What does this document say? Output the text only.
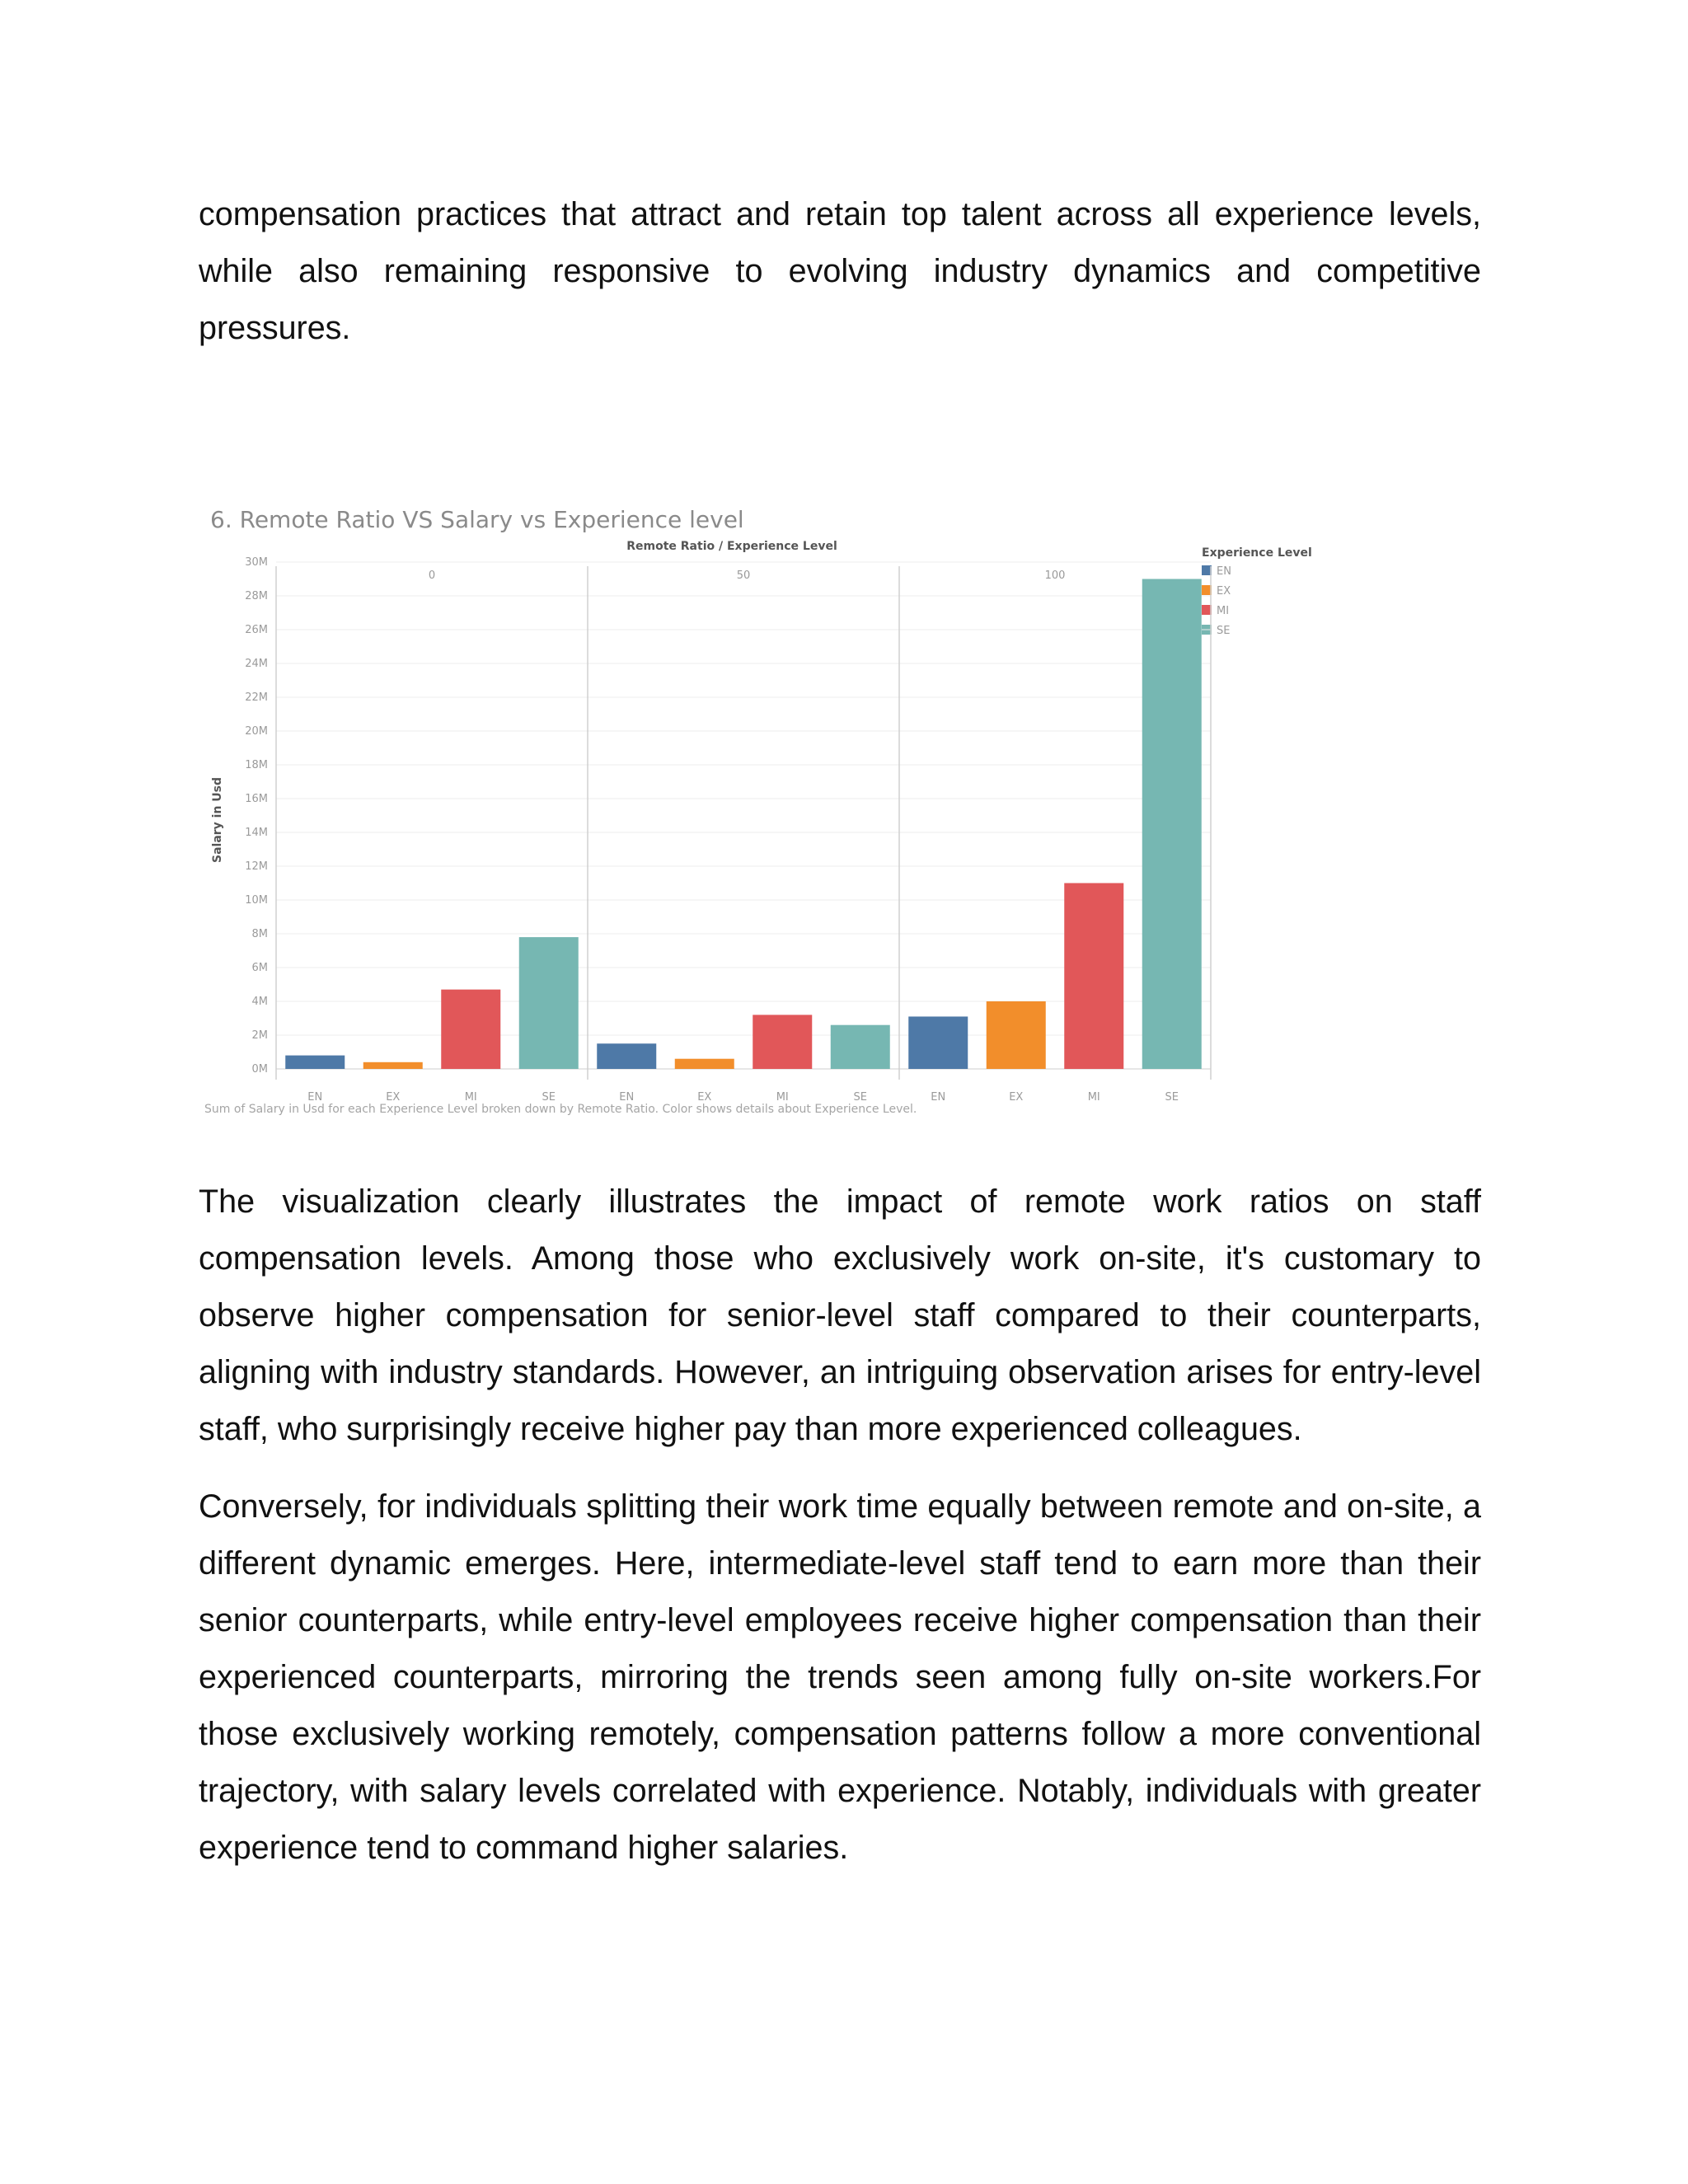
compensation practices that attract and retain top talent across all experience levels, while also remaining responsive to evolving industry dynamics and competitive pressures.

6. Remote Ratio VS Salary vs Experience level
Remote Ratio / Experience Level
Salary in Usd
Sum of Salary in Usd for each Experience Level broken down by Remote Ratio. Color shows details about Experience Level.
Experience Level
EN
EX
MI
SE
0M
2M
4M
6M
8M
10M
12M
14M
16M
18M
20M
22M
24M
26M
28M
30M
0	50	100
EN	EX	MI	SE	EN	EX	MI	SE	EN	EX	MI	SE

The visualization clearly illustrates the impact of remote work ratios on staff compensation levels. Among those who exclusively work on-site, it's customary to observe higher compensation for senior-level staff compared to their counterparts, aligning with industry standards. However, an intriguing observation arises for entry-level staff, who surprisingly receive higher pay than more experienced colleagues.

Conversely, for individuals splitting their work time equally between remote and on-site, a different dynamic emerges. Here, intermediate-level staff tend to earn more than their senior counterparts, while entry-level employees receive higher compensation than their experienced counterparts, mirroring the trends seen among fully on-site workers.For those exclusively working remotely, compensation patterns follow a more conventional trajectory, with salary levels correlated with experience. Notably, individuals with greater experience tend to command higher salaries.
